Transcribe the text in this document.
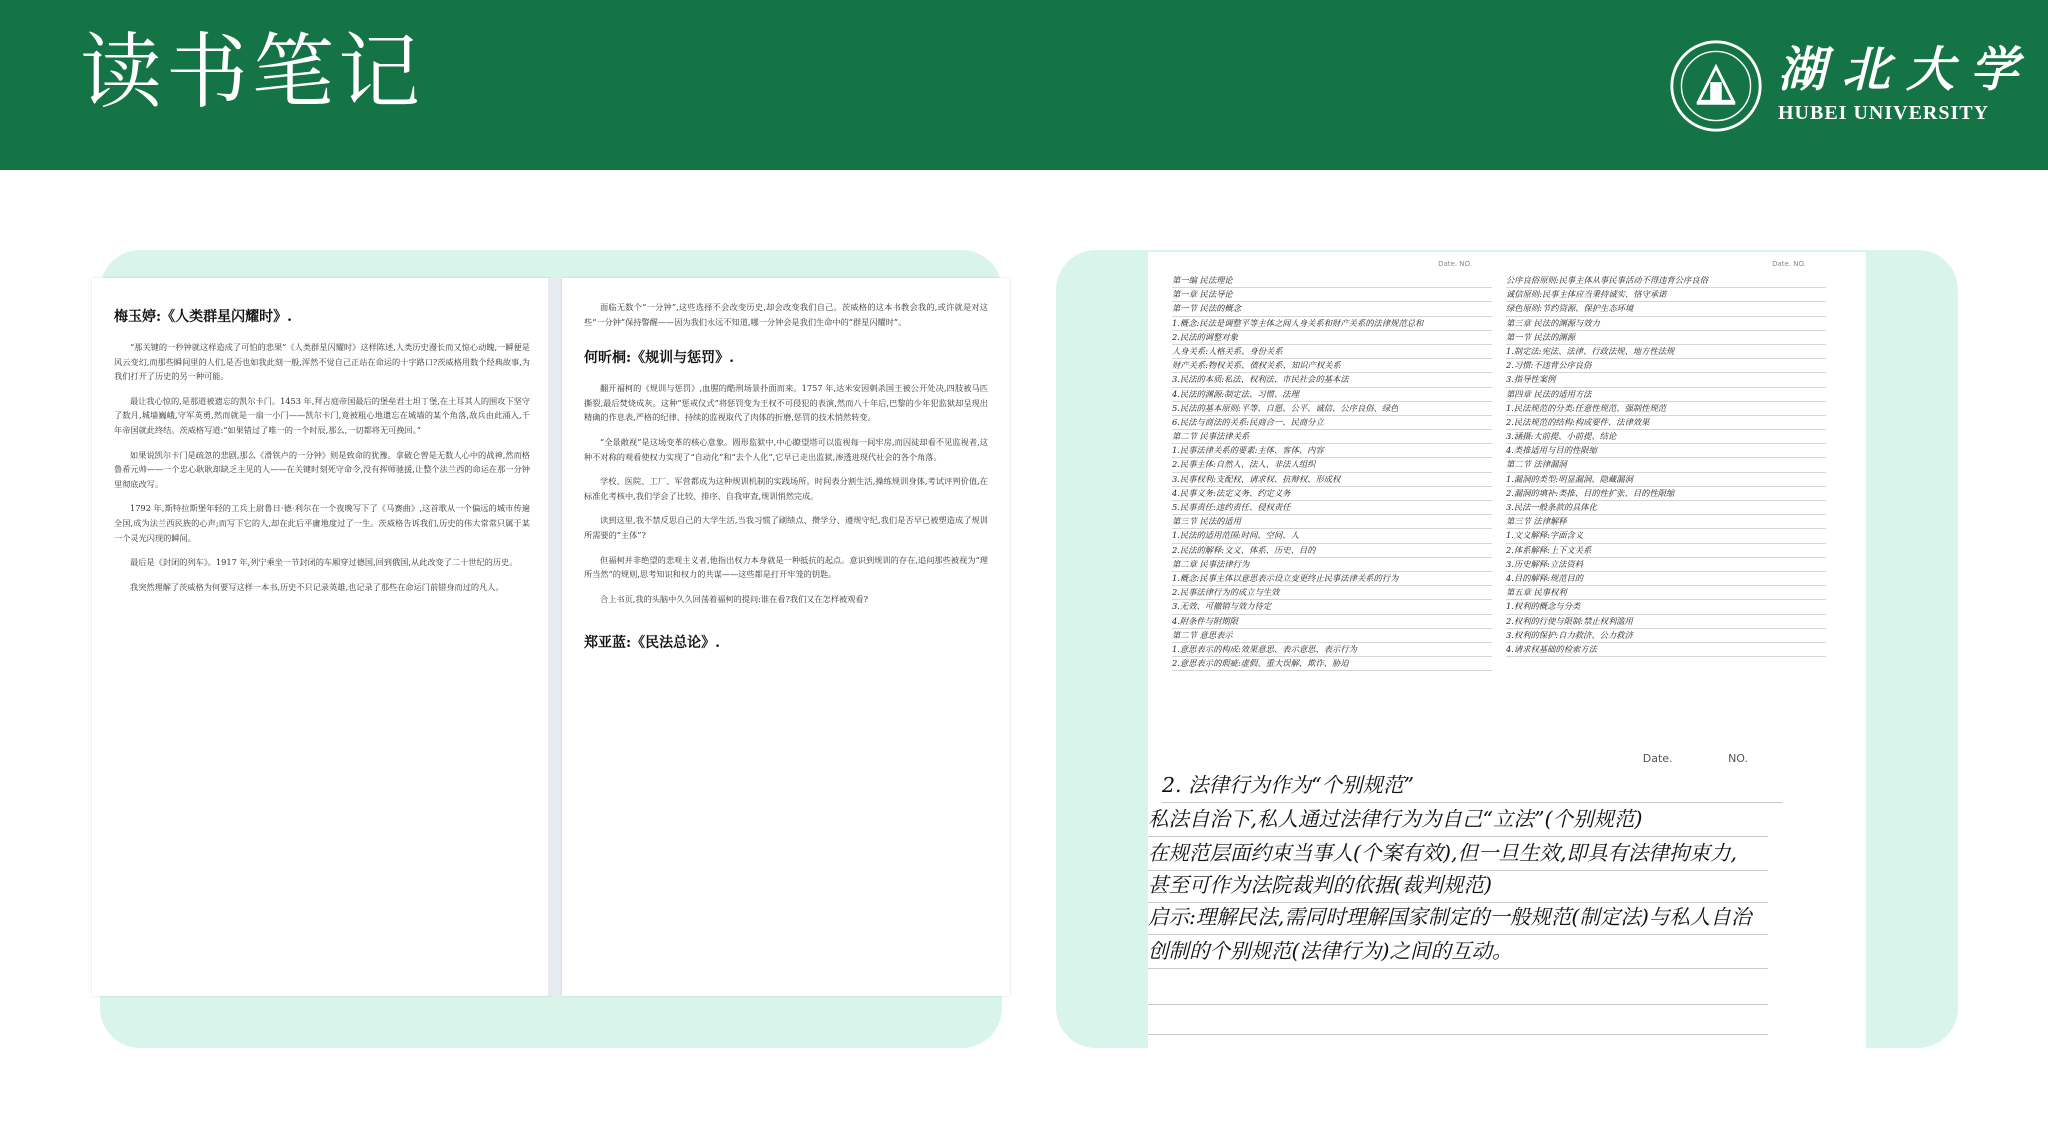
读书笔记	湖北大学
HUBEI UNIVERSITY
梅玉婷:《人类群星闪耀时》.

“那关键的一秒钟就这样造成了可怕的悲果”《人类群星闪耀时》这样陈述,人类历史漫长而又惊心动魄,一瞬便是风云变幻,而那些瞬间里的人们,是否也如我此刻一般,浑然不觉自己正站在命运的十字路口?茨威格用数个经典故事,为我们打开了历史的另一种可能。

最让我心惊的,是那道被遗忘的凯尔卡门。1453 年,拜占庭帝国最后的堡垒君士坦丁堡,在土耳其人的围攻下坚守了数月,城墙巍峨,守军英勇,然而就是一扇一小门——凯尔卡门,竟被粗心地遗忘在城墙的某个角落,敌兵由此涌入,千年帝国就此终结。茨威格写道:“如果错过了唯一的一个时辰,那么,一切都将无可挽回。”

如果说凯尔卡门是疏忽的悲剧,那么《滑铁卢的一分钟》则是致命的犹豫。拿破仑曾是无数人心中的战神,然而格鲁希元帅——一个忠心耿耿却缺乏主见的人——在关键时刻死守命令,没有挥师驰援,让整个法兰西的命运在那一分钟里彻底改写。

1792 年,斯特拉斯堡年轻的工兵上尉鲁日·德·利尔在一个夜晚写下了《马赛曲》,这首歌从一个偏远的城市传遍全国,成为法兰西民族的心声;而写下它的人,却在此后平庸地度过了一生。茨威格告诉我们,历史的伟大常常只属于某一个灵光闪现的瞬间。

最后是《封闭的列车》。1917 年,列宁乘坐一节封闭的车厢穿过德国,回到俄国,从此改变了二十世纪的历史。

我突然理解了茨威格为何要写这样一本书,历史不只记录英雄,也记录了那些在命运门前错身而过的凡人。

面临无数个“一分钟”,这些选择不会改变历史,却会改变我们自己。茨威格的这本书教会我的,或许就是对这些“一分钟”保持警醒——因为我们永远不知道,哪一分钟会是我们生命中的“群星闪耀时”。

何昕桐:《规训与惩罚》.

翻开福柯的《规训与惩罚》,血腥的酷刑场景扑面而来。1757 年,达米安因刺杀国王被公开处决,四肢被马匹撕裂,最后焚烧成灰。这种“惩戒仪式”将惩罚变为王权不可侵犯的表演,然而八十年后,巴黎的少年犯监狱却呈现出精确的作息表,严格的纪律、持续的监视取代了肉体的折磨,惩罚的技术悄然转变。

“全景敞视”是这场变革的核心意象。圆形监狱中,中心瞭望塔可以监视每一间牢房,而囚徒却看不见监视者,这种不对称的观看使权力实现了“自动化”和“去个人化”,它早已走出监狱,渗透进现代社会的各个角落。

学校、医院、工厂、军营都成为这种规训机制的实践场所。时间表分割生活,操练规训身体,考试评判价值,在标准化考核中,我们学会了比较、排序、自我审查,规训悄然完成。

读到这里,我不禁反思自己的大学生活,当我习惯了刷绩点、攒学分、遵规守纪,我们是否早已被塑造成了规训所需要的“主体”?

但福柯并非绝望的悲观主义者,他指出权力本身就是一种抵抗的起点。意识到规训的存在,追问那些被视为“理所当然”的规则,思考知识和权力的共谋——这些都是打开牢笼的钥匙。

合上书页,我的头脑中久久回荡着福柯的提问:谁在看?我们又在怎样被观看?

郑亚蓝:《民法总论》.
Date. NO.
第一编 民法理论
第一章 民法导论
第一节 民法的概念
1.概念:民法是调整平等主体之间人身关系和财产关系的法律规范总和
2.民法的调整对象
人身关系:人格关系、身份关系
财产关系:物权关系、债权关系、知识产权关系
3.民法的本质:私法、权利法、市民社会的基本法
4.民法的渊源:制定法、习惯、法理
5.民法的基本原则:平等、自愿、公平、诚信、公序良俗、绿色
6.民法与商法的关系:民商合一、民商分立
第二节 民事法律关系
1.民事法律关系的要素:主体、客体、内容
2.民事主体:自然人、法人、非法人组织
3.民事权利:支配权、请求权、抗辩权、形成权
4.民事义务:法定义务、约定义务
5.民事责任:违约责任、侵权责任
第三节 民法的适用
1.民法的适用范围:时间、空间、人
2.民法的解释:文义、体系、历史、目的
第二章 民事法律行为
1.概念:民事主体以意思表示设立变更终止民事法律关系的行为
2.民事法律行为的成立与生效
3.无效、可撤销与效力待定
4.附条件与附期限
第二节 意思表示
1.意思表示的构成:效果意思、表示意思、表示行为
2.意思表示的瑕疵:虚假、重大误解、欺诈、胁迫
Date. NO.
公序良俗原则:民事主体从事民事活动不得违背公序良俗
诚信原则:民事主体应当秉持诚实、恪守承诺
绿色原则:节约资源、保护生态环境
第三章 民法的渊源与效力
第一节 民法的渊源
1.制定法:宪法、法律、行政法规、地方性法规
2.习惯:不违背公序良俗
3.指导性案例
第四章 民法的适用方法
1.民法规范的分类:任意性规范、强制性规范
2.民法规范的结构:构成要件、法律效果
3.涵摄:大前提、小前提、结论
4.类推适用与目的性限缩
第二节 法律漏洞
1.漏洞的类型:明显漏洞、隐藏漏洞
2.漏洞的填补:类推、目的性扩张、目的性限缩
3.民法一般条款的具体化
第三节 法律解释
1.文义解释:字面含义
2.体系解释:上下文关系
3.历史解释:立法资料
4.目的解释:规范目的
第五章 民事权利
1.权利的概念与分类
2.权利的行使与限制:禁止权利滥用
3.权利的保护:自力救济、公力救济
4.请求权基础的检索方法
Date.	NO.
2. 法律行为作为“个别规范”
私法自治下,私人通过法律行为为自己“立法”(个别规范)
在规范层面约束当事人(个案有效),但一旦生效,即具有法律拘束力,
甚至可作为法院裁判的依据(裁判规范)
启示:理解民法,需同时理解国家制定的一般规范(制定法)与私人自治
创制的个别规范(法律行为)之间的互动。
